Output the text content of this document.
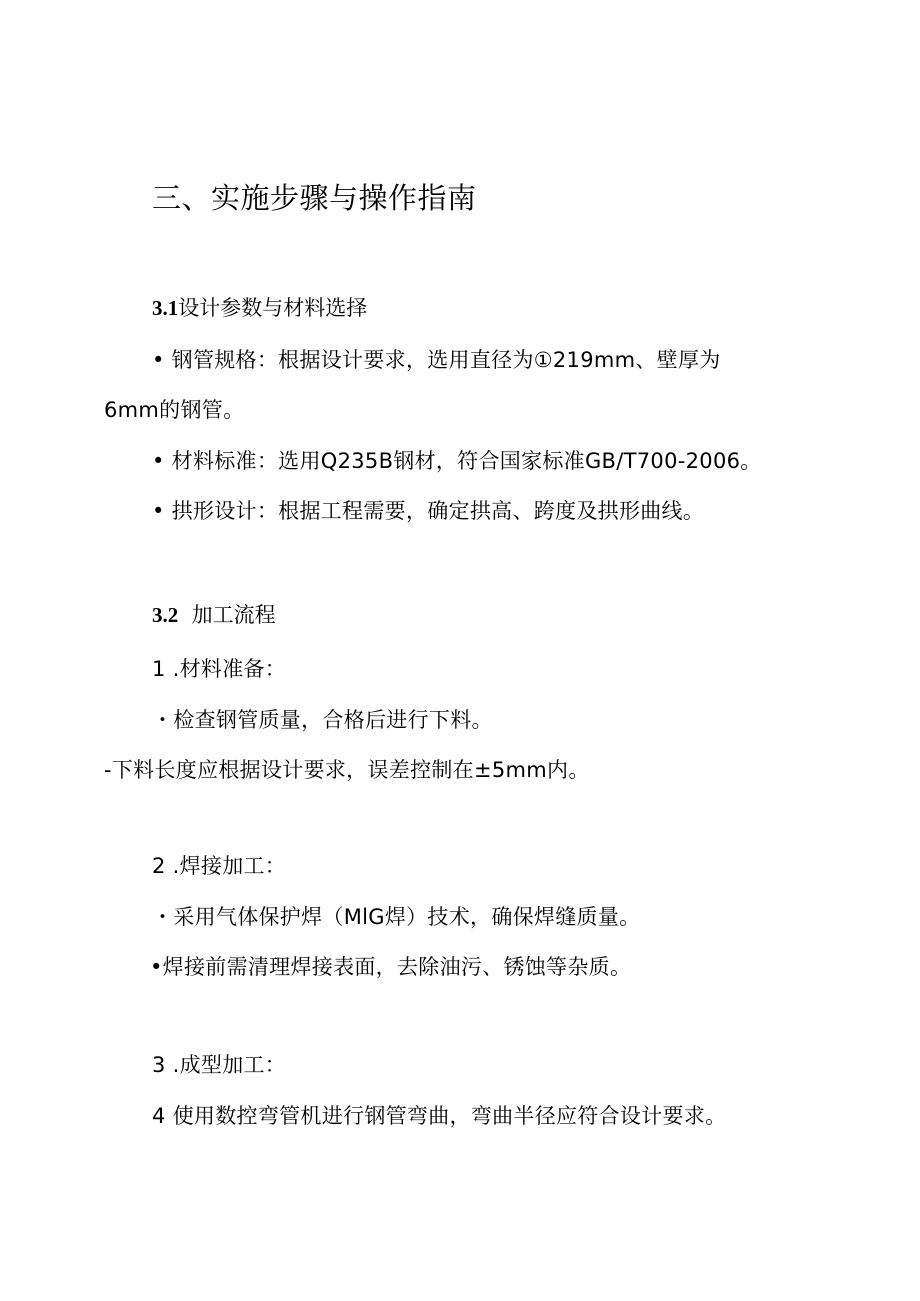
三、实施步骤与操作指南
3.1设计参数与材料选择

• 钢管规格：根据设计要求，选用直径为①219mm、壁厚为

6mm的钢管。

• 材料标准：选用Q235B钢材，符合国家标准GB/T700-2006。

• 拱形设计：根据工程需要，确定拱高、跨度及拱形曲线。

3.2 加工流程

1 .材料准备：

・检查钢管质量，合格后进行下料。

-下料长度应根据设计要求，误差控制在±5mm内。

2 .焊接加工：

・采用气体保护焊（MlG焊）技术，确保焊缝质量。

•焊接前需清理焊接表面，去除油污、锈蚀等杂质。

3 .成型加工：

4 使用数控弯管机进行钢管弯曲，弯曲半径应符合设计要求。
